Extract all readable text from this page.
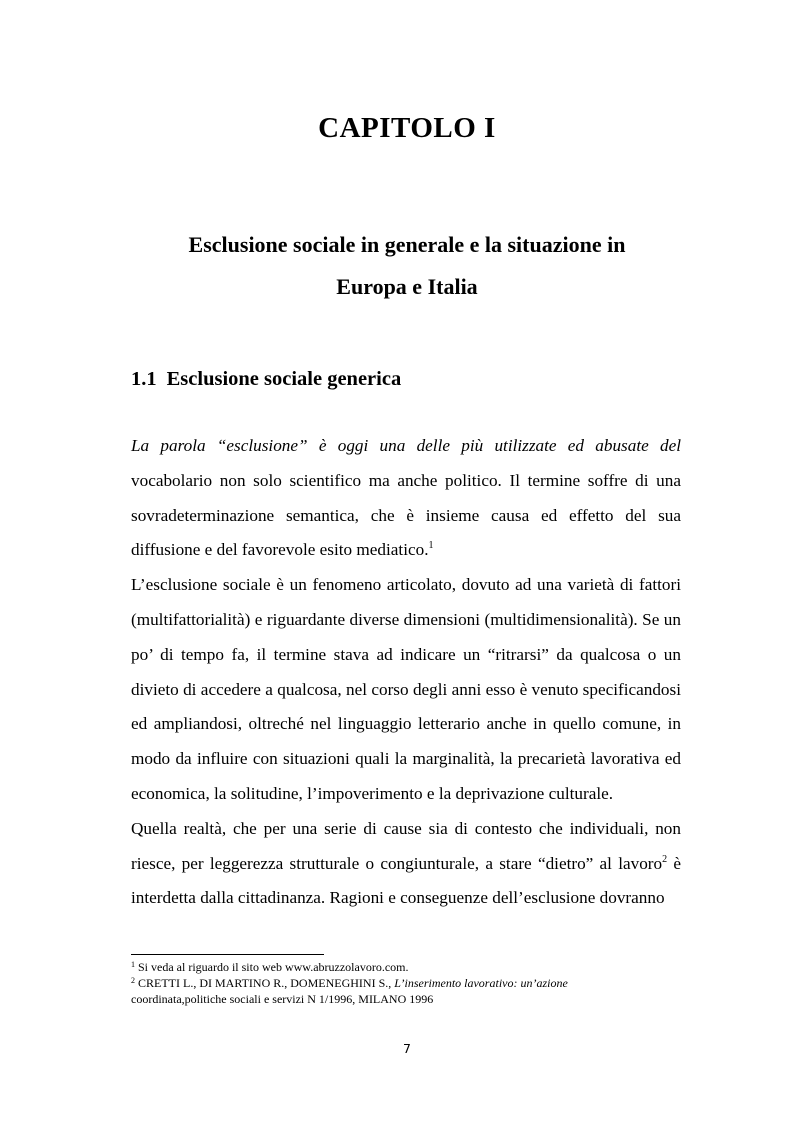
CAPITOLO I
Esclusione sociale in generale e la situazione in
Europa e Italia
1.1 Esclusione sociale generica

La parola “esclusione” è oggi una delle più utilizzate ed abusate del vocabolario non solo scientifico ma anche politico. Il termine soffre di una sovradeterminazione semantica, che è insieme causa ed effetto del sua diffusione e del favorevole esito mediatico.$^1$

L’esclusione sociale è un fenomeno articolato, dovuto ad una varietà di fattori (multifattorialità) e riguardante diverse dimensioni (multidimensionalità). Se un po’ di tempo fa, il termine stava ad indicare un “ritrarsi” da qualcosa o un divieto di accedere a qualcosa, nel corso degli anni esso è venuto specificandosi ed ampliandosi, oltreché nel linguaggio letterario anche in quello comune, in modo da influire con situazioni quali la marginalità, la precarietà lavorativa ed economica, la solitudine, l’impoverimento e la deprivazione culturale.

Quella realtà, che per una serie di cause sia di contesto che individuali, non riesce, per leggerezza strutturale o congiunturale, a stare “dietro” al lavoro$^2$ è interdetta dalla cittadinanza. Ragioni e conseguenze dell’esclusione dovranno

$^1$ Si veda al riguardo il sito web www.abruzzolavoro.com.

$^2$ CRETTI L., DI MARTINO R., DOMENEGHINI S., L’inserimento lavorativo: un’azione
coordinata,politiche sociali e servizi N 1/1996, MILANO 1996

7
